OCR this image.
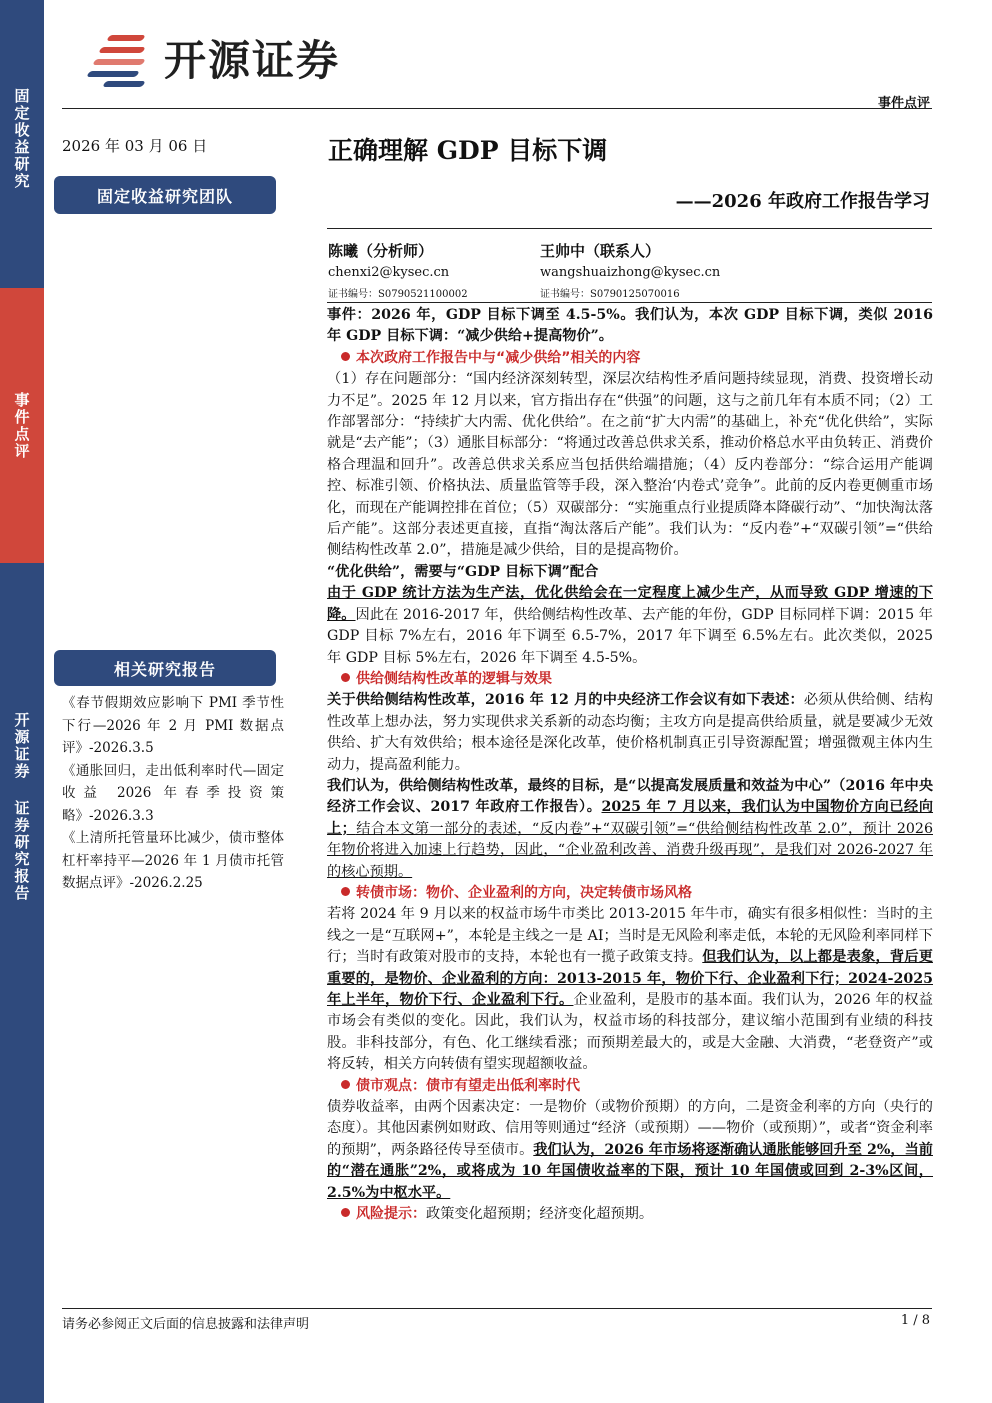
固定收益研究
事件点评
开源证券 证券研究报告
开源证券
事件点评
2026 年 03 月 06 日
固定收益研究团队
正确理解 GDP 目标下调
——2026 年政府工作报告学习
陈曦（分析师）
chenxi2@kysec.cn
证书编号：S0790521100002
王帅中（联系人）
wangshuaizhong@kysec.cn
证书编号：S0790125070016

事件：2026 年，GDP 目标下调至 4.5-5%。我们认为，本次 GDP 目标下调，类似 2016 年 GDP 目标下调：“减少供给+提高物价”。

本次政府工作报告中与“减少供给”相关的内容

（1）存在问题部分：“国内经济深刻转型，深层次结构性矛盾问题持续显现，消费、投资增长动力不足”。2025 年 12 月以来，官方指出存在“供强”的问题，这与之前几年有本质不同；（2）工作部署部分：“持续扩大内需、优化供给”。在之前“扩大内需”的基础上，补充“优化供给”，实际就是“去产能”；（3）通胀目标部分：“将通过改善总供求关系，推动价格总水平由负转正、消费价格合理温和回升”。改善总供求关系应当包括供给端措施；（4）反内卷部分：“综合运用产能调控、标准引领、价格执法、质量监管等手段，深入整治‘内卷式’竞争”。此前的反内卷更侧重市场化，而现在产能调控排在首位；（5）双碳部分：“实施重点行业提质降本降碳行动”、“加快淘汰落后产能”。这部分表述更直接，直指“淘汰落后产能”。我们认为：“反内卷”+“双碳引领”=“供给侧结构性改革 2.0”，措施是减少供给，目的是提高物价。

“优化供给”，需要与“GDP 目标下调”配合
由于 GDP 统计方法为生产法，优化供给会在一定程度上减少生产，从而导致 GDP 增速的下降。因此在 2016-2017 年，供给侧结构性改革、去产能的年份，GDP 目标同样下调：2015 年 GDP 目标 7%左右，2016 年下调至 6.5-7%，2017 年下调至 6.5%左右。此次类似，2025 年 GDP 目标 5%左右，2026 年下调至 4.5-5%。

供给侧结构性改革的逻辑与效果

关于供给侧结构性改革，2016 年 12 月的中央经济工作会议有如下表述：必须从供给侧、结构性改革上想办法，努力实现供求关系新的动态均衡；主攻方向是提高供给质量，就是要减少无效供给、扩大有效供给；根本途径是深化改革，使价格机制真正引导资源配置；增强微观主体内生动力，提高盈利能力。

我们认为，供给侧结构性改革，最终的目标，是“以提高发展质量和效益为中心”（2016 年中央经济工作会议、2017 年政府工作报告）。2025 年 7 月以来，我们认为中国物价方向已经向上；结合本文第一部分的表述，“反内卷”+“双碳引领”=“供给侧结构性改革 2.0”，预计 2026 年物价将进入加速上行趋势，因此，“企业盈利改善、消费升级再现”，是我们对 2026-2027 年的核心预期。

转债市场：物价、企业盈利的方向，决定转债市场风格

若将 2024 年 9 月以来的权益市场牛市类比 2013-2015 年牛市，确实有很多相似性：当时的主线之一是“互联网+”，本轮是主线之一是 AI；当时是无风险利率走低，本轮的无风险利率同样下行；当时有政策对股市的支持，本轮也有一揽子政策支持。但我们认为，以上都是表象，背后更重要的，是物价、企业盈利的方向：2013-2015 年，物价下行、企业盈利下行；2024-2025 年上半年，物价下行、企业盈利下行。企业盈利，是股市的基本面。我们认为，2026 年的权益市场会有类似的变化。因此，我们认为，权益市场的科技部分，建议缩小范围到有业绩的科技股。非科技部分，有色、化工继续看涨；而预期差最大的，或是大金融、大消费，“老登资产”或将反转，相关方向转债有望实现超额收益。

债市观点：债市有望走出低利率时代

债券收益率，由两个因素决定：一是物价（或物价预期）的方向，二是资金利率的方向（央行的态度）。其他因素例如财政、信用等则通过“经济（或预期）——物价（或预期）”，或者“资金利率的预期”，两条路径传导至债市。我们认为，2026 年市场将逐渐确认通胀能够回升至 2%，当前的“潜在通胀”2%，或将成为 10 年国债收益率的下限，预计 10 年国债或回到 2-3%区间，2.5%为中枢水平。

风险提示：政策变化超预期；经济变化超预期。

相关研究报告
《春节假期效应影响下 PMI 季节性下行—2026 年 2 月 PMI 数据点评》-2026.3.5
《通胀回归，走出低利率时代—固定收益 2026 年春季投资策略》-2026.3.3
《上清所托管量环比减少，债市整体杠杆率持平—2026 年 1 月债市托管数据点评》-2026.2.25
请务必参阅正文后面的信息披露和法律声明	1 / 8
